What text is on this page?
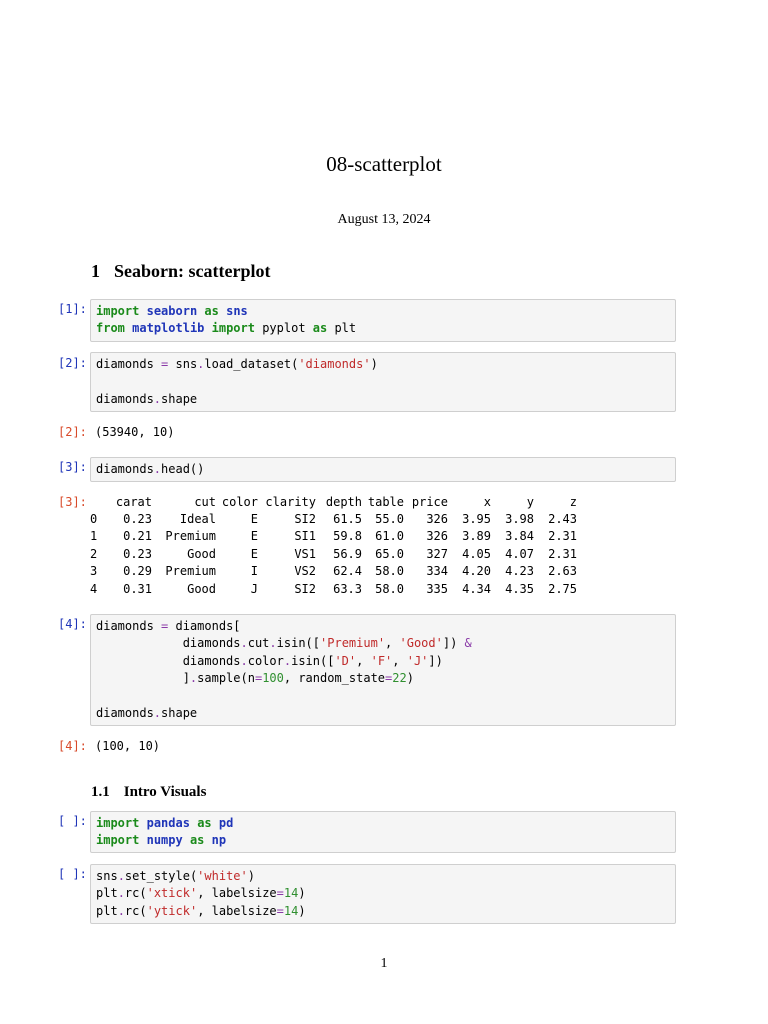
08-scatterplot
August 13, 2024
1 Seaborn: scatterplot
[1]: import seaborn as sns
from matplotlib import pyplot as plt
[2]: diamonds = sns.load_dataset('diamonds')

diamonds.shape
[2]: (53940, 10)
[3]: diamonds.head()
[3]:
	carat	cut	color	clarity	depth	table	price	x	y	z
0	0.23	Ideal	E	SI2	61.5	55.0	326	3.95	3.98	2.43
1	0.21	Premium	E	SI1	59.8	61.0	326	3.89	3.84	2.31
2	0.23	Good	E	VS1	56.9	65.0	327	4.05	4.07	2.31
3	0.29	Premium	I	VS2	62.4	58.0	334	4.20	4.23	2.63
4	0.31	Good	J	SI2	63.3	58.0	335	4.34	4.35	2.75
[4]: diamonds = diamonds[
diamonds.cut.isin(['Premium', 'Good']) &
diamonds.color.isin(['D', 'F', 'J'])
].sample(n=100, random_state=22)

diamonds.shape
[4]: (100, 10)
1.1 Intro Visuals
[ ]: import pandas as pd
import numpy as np
[ ]: sns.set_style('white')
plt.rc('xtick', labelsize=14)
plt.rc('ytick', labelsize=14)
1
